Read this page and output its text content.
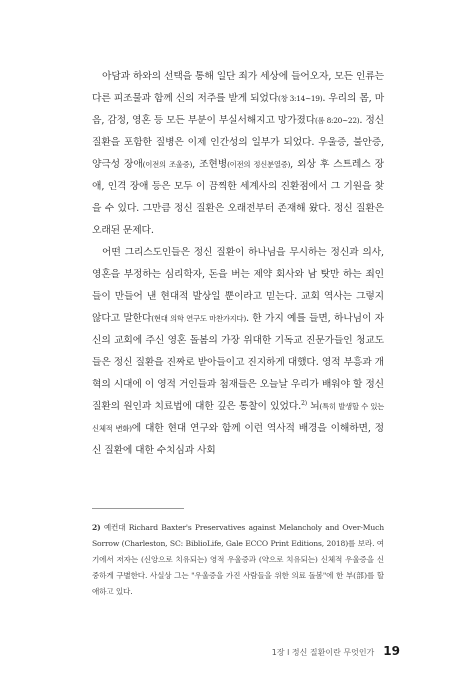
아담과 하와의 선택을 통해 일단 죄가 세상에 들어오자, 모든 인류는 다른 피조물과 함께 신의 저주를 받게 되었다(창 3:14~19). 우리의 몸, 마음, 감정, 영혼 등 모든 부분이 부실서해지고 망가졌다(롬 8:20~22). 정신 질환을 포함한 질병은 이제 인간성의 일부가 되었다. 우울증, 불안증, 양극성 장애(이전의 조울증), 조현병(이전의 정신분열증), 외상 후 스트레스 장애, 인격 장애 등은 모두 이 끔찍한 세계사의 진환점에서 그 기원을 찾을 수 있다. 그만큼 정신 질환은 오래전부터 존재해 왔다. 정신 질환은 오래된 문제다.

어떤 그리스도인들은 정신 질환이 하나님을 무시하는 정신과 의사, 영혼을 부정하는 심리학자, 돈을 버는 제약 회사와 남 탓만 하는 죄인들이 만들어 낸 현대적 발상일 뿐이라고 믿는다. 교회 역사는 그렇지 않다고 말한다(현대 의학 연구도 마찬가지다). 한 가지 예를 들면, 하나님이 자신의 교회에 주신 영혼 돌봄의 가장 위대한 기독교 진문가들인 청교도들은 정신 질환을 진짜로 받아들이고 진지하게 대했다. 영적 부흥과 개혁의 시대에 이 영적 거인들과 첨재들은 오늘날 우리가 배워야 할 정신 질환의 원인과 치료법에 대한 깊은 통찰이 있었다.$^{2)}$ 뇌(특히 발생할 수 있는 신체적 변화)에 대한 현대 연구와 함께 이런 역사적 배경을 이해하면, 정신 질환에 대한 수치심과 사회

2) 예컨대 Richard Baxter's Preservatives against Melancholy and Over-Much Sorrow (Charleston, SC: BiblioLife, Gale ECCO Print Editions, 2018)를 보라. 여기에서 저자는 (신앙으로 치유되는) 영적 우울증과 (약으로 치유되는) 신체적 우울증을 신중하게 구별한다. 사실상 그는 "우울증을 가진 사람들을 위한 의료 돌봄"에 한 부(部)를 할애하고 있다.

1장 l 정신 질환이란 무엇인가 19
